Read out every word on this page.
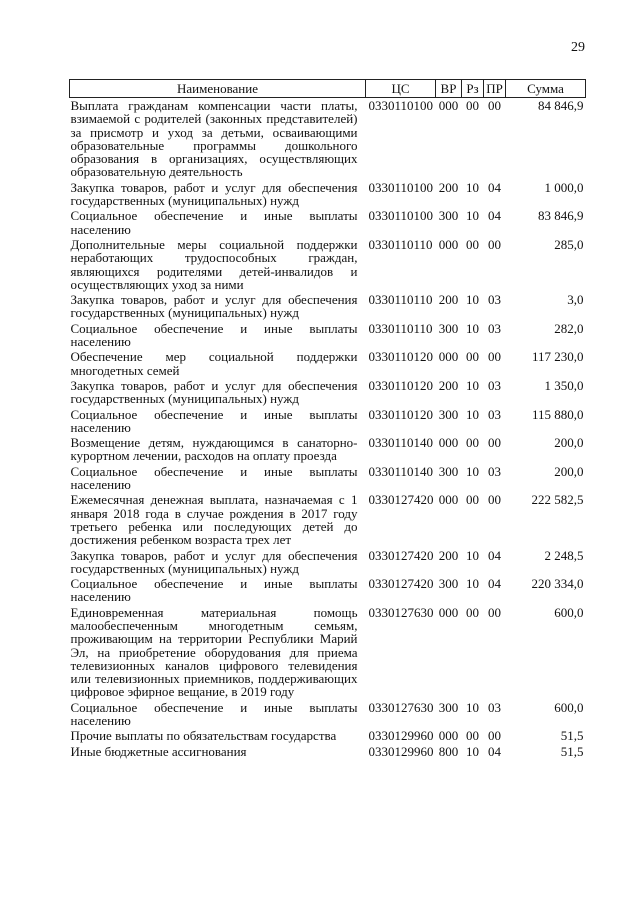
29
Наименование	ЦС	ВР	Рз	ПР	Сумма
Выплата гражданам компенсации части платы, взимаемой с родителей (законных представителей) за присмотр и уход за детьми, осваивающими образовательные программы дошкольного образования в организациях, осуществляющих образовательную деятельность	0330110100	000	00	00	84 846,9
Закупка товаров, работ и услуг для обеспечения государственных (муниципальных) нужд	0330110100	200	10	04	1 000,0
Социальное обеспечение и иные выплаты населению	0330110100	300	10	04	83 846,9
Дополнительные меры социальной поддержки неработающих трудоспособных граждан, являющихся родителями детей-инвалидов и осуществляющих уход за ними	0330110110	000	00	00	285,0
Закупка товаров, работ и услуг для обеспечения государственных (муниципальных) нужд	0330110110	200	10	03	3,0
Социальное обеспечение и иные выплаты населению	0330110110	300	10	03	282,0
Обеспечение мер социальной поддержки многодетных семей	0330110120	000	00	00	117 230,0
Закупка товаров, работ и услуг для обеспечения государственных (муниципальных) нужд	0330110120	200	10	03	1 350,0
Социальное обеспечение и иные выплаты населению	0330110120	300	10	03	115 880,0
Возмещение детям, нуждающимся в санаторно-курортном лечении, расходов на оплату проезда	0330110140	000	00	00	200,0
Социальное обеспечение и иные выплаты населению	0330110140	300	10	03	200,0
Ежемесячная денежная выплата, назначаемая с 1 января 2018 года в случае рождения в 2017 году третьего ребенка или последующих детей до достижения ребенком возраста трех лет	0330127420	000	00	00	222 582,5
Закупка товаров, работ и услуг для обеспечения государственных (муниципальных) нужд	0330127420	200	10	04	2 248,5
Социальное обеспечение и иные выплаты населению	0330127420	300	10	04	220 334,0
Единовременная материальная помощь малообеспеченным многодетным семьям, проживающим на территории Республики Марий Эл, на приобретение оборудования для приема телевизионных каналов цифрового телевидения или телевизионных приемников, поддерживающих цифровое эфирное вещание, в 2019 году	0330127630	000	00	00	600,0
Социальное обеспечение и иные выплаты населению	0330127630	300	10	03	600,0
Прочие выплаты по обязательствам государства	0330129960	000	00	00	51,5
Иные бюджетные ассигнования	0330129960	800	10	04	51,5
